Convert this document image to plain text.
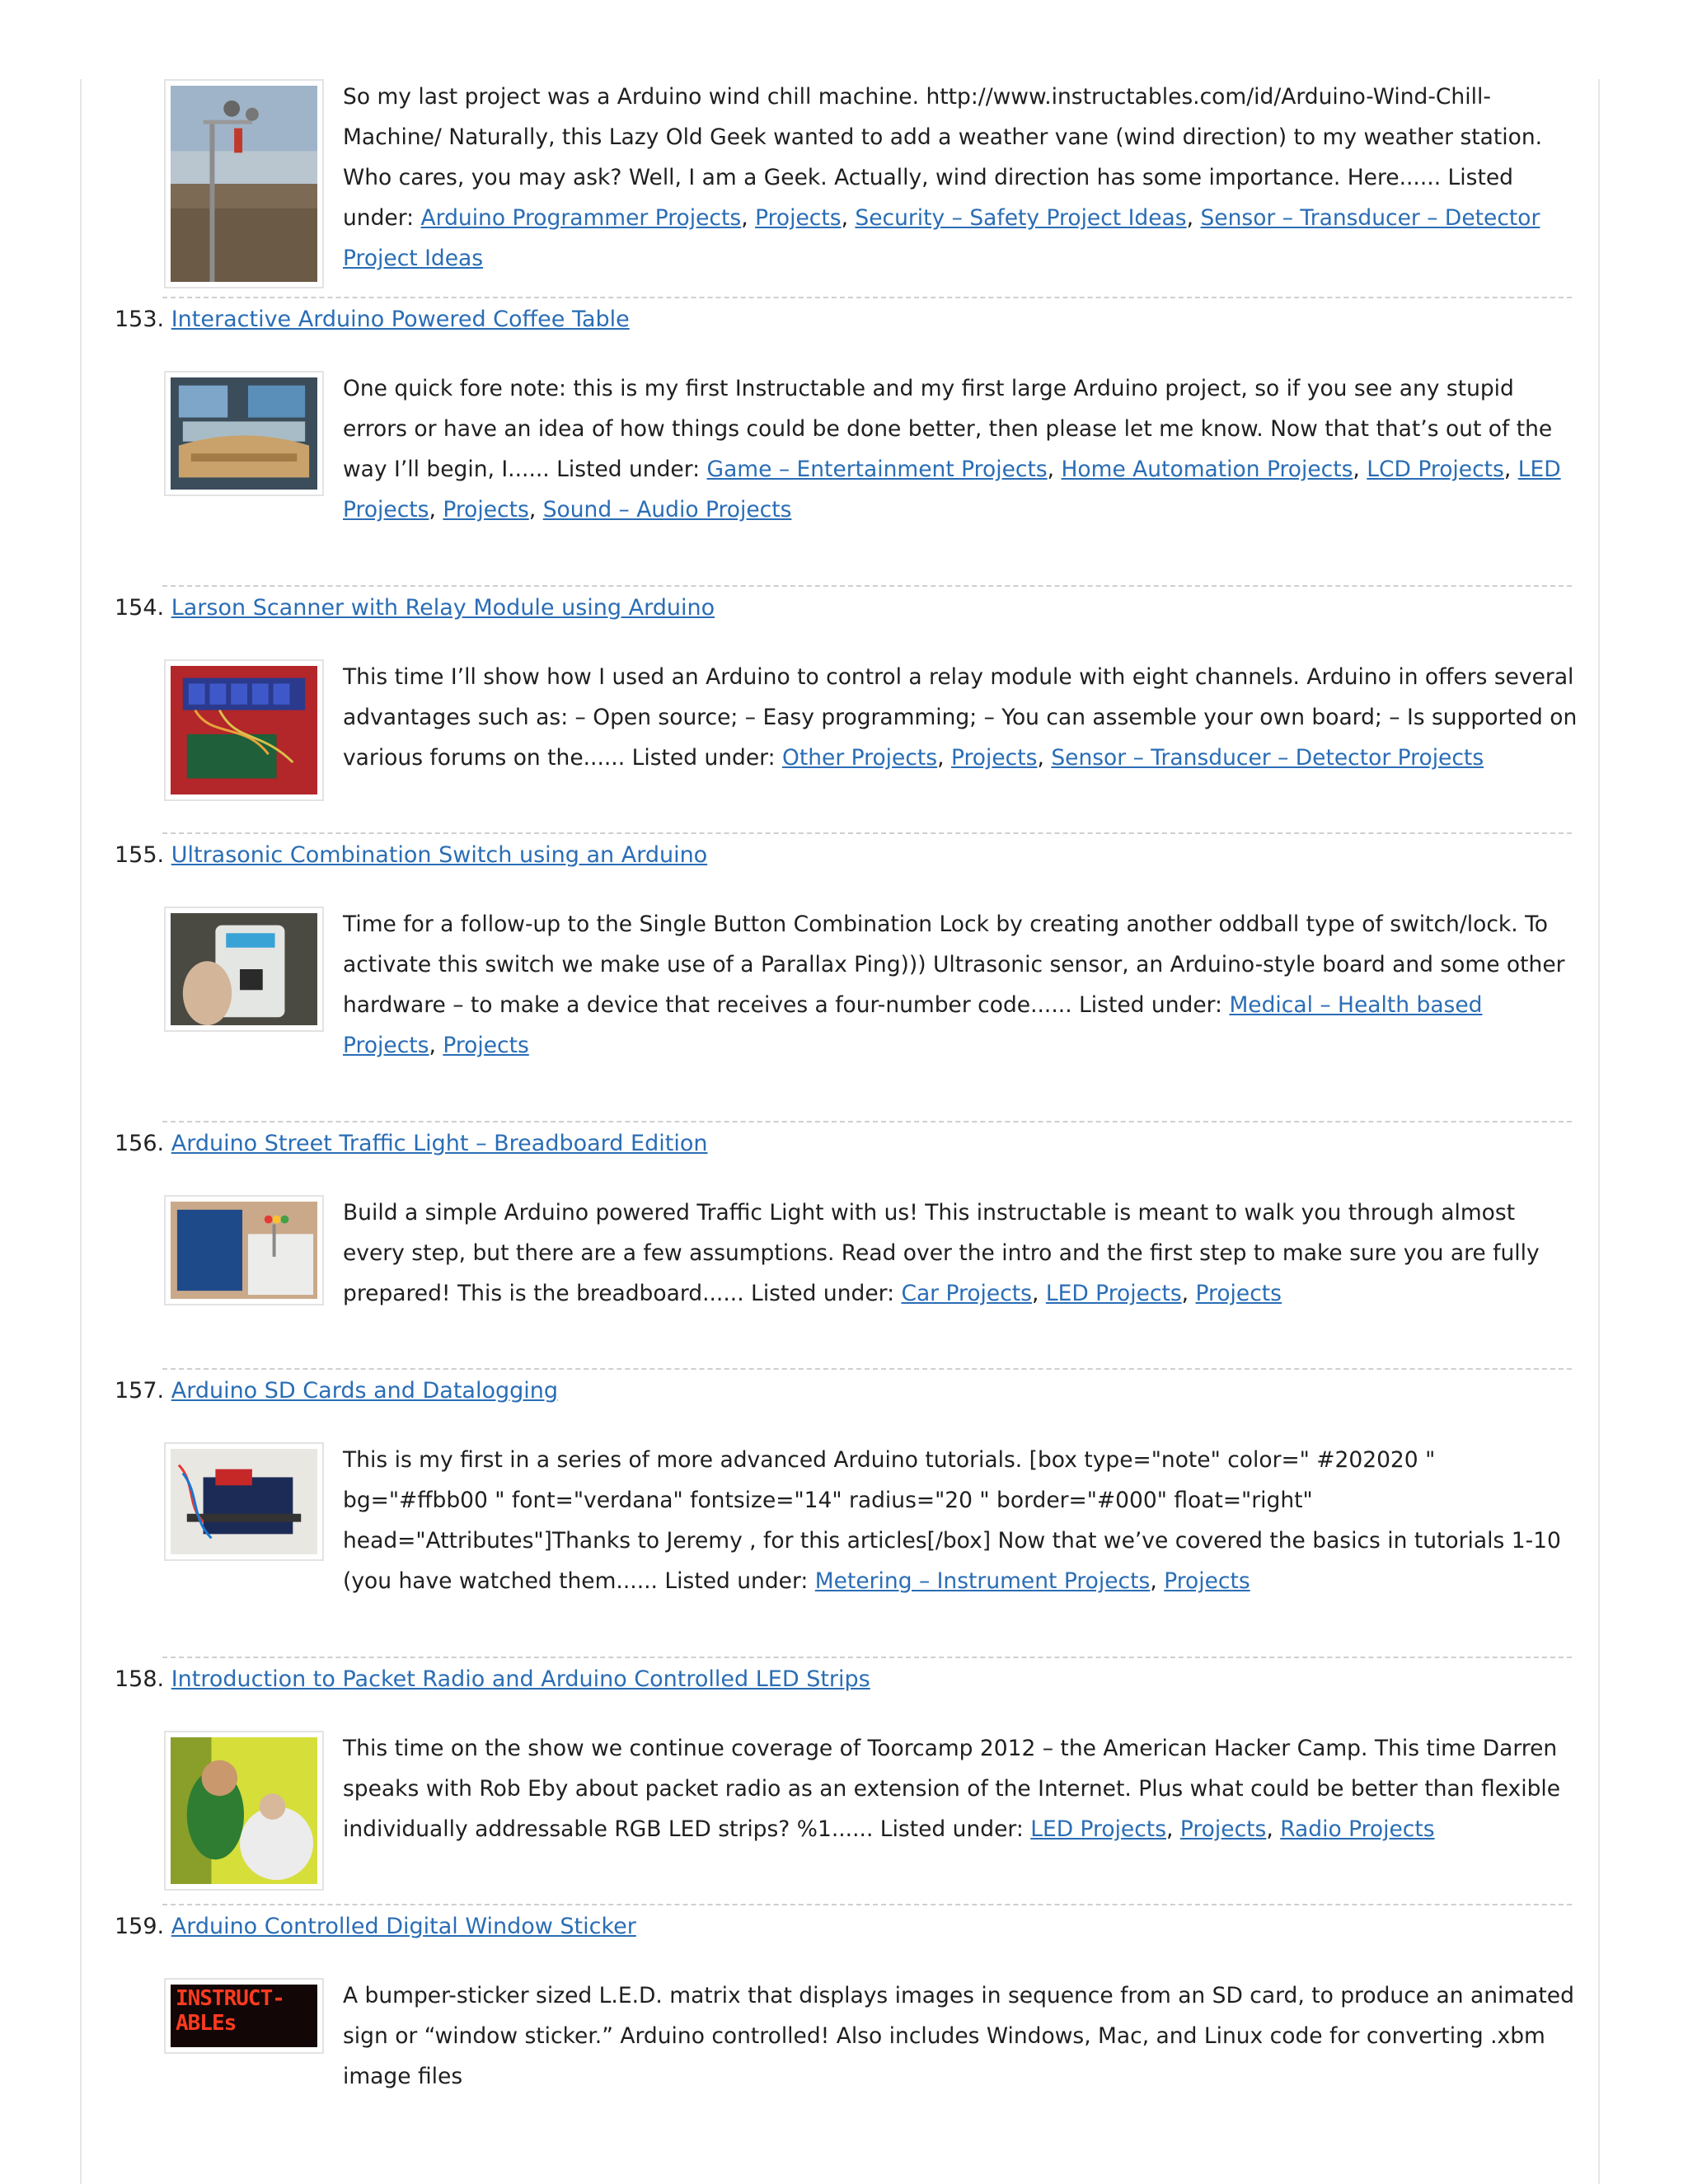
So my last project was a Arduino wind chill machine. http://www.instructables.com/id/Arduino-Wind-Chill-Machine/ Naturally, this Lazy Old Geek wanted to add a weather vane (wind direction) to my weather station. Who cares, you may ask? Well, I am a Geek. Actually, wind direction has some importance. Here...... Listed under: Arduino Programmer Projects, Projects, Security – Safety Project Ideas, Sensor – Transducer – Detector Project Ideas
153. Interactive Arduino Powered Coffee Table
One quick fore note: this is my first Instructable and my first large Arduino project, so if you see any stupid errors or have an idea of how things could be done better, then please let me know. Now that that’s out of the way I’ll begin, I...... Listed under: Game – Entertainment Projects, Home Automation Projects, LCD Projects, LED Projects, Projects, Sound – Audio Projects
154. Larson Scanner with Relay Module using Arduino
This time I’ll show how I used an Arduino to control a relay module with eight channels. Arduino in offers several advantages such as: – Open source; – Easy programming; – You can assemble your own board; – Is supported on various forums on the...... Listed under: Other Projects, Projects, Sensor – Transducer – Detector Projects
155. Ultrasonic Combination Switch using an Arduino
Time for a follow-up to the Single Button Combination Lock by creating another oddball type of switch/lock. To activate this switch we make use of a Parallax Ping))) Ultrasonic sensor, an Arduino-style board and some other hardware – to make a device that receives a four-number code...... Listed under: Medical – Health based Projects, Projects
156. Arduino Street Traffic Light – Breadboard Edition
Build a simple Arduino powered Traffic Light with us! This instructable is meant to walk you through almost every step, but there are a few assumptions. Read over the intro and the first step to make sure you are fully prepared! This is the breadboard...... Listed under: Car Projects, LED Projects, Projects
157. Arduino SD Cards and Datalogging
This is my first in a series of more advanced Arduino tutorials. [box type="note" color=" #202020 " bg="#ffbb00 " font="verdana" fontsize="14" radius="20 " border="#000" float="right" head="Attributes"]Thanks to Jeremy , for this articles[/box] Now that we’ve covered the basics in tutorials 1-10 (you have watched them...... Listed under: Metering – Instrument Projects, Projects
158. Introduction to Packet Radio and Arduino Controlled LED Strips
This time on the show we continue coverage of Toorcamp 2012 – the American Hacker Camp. This time Darren speaks with Rob Eby about packet radio as an extension of the Internet. Plus what could be better than flexible individually addressable RGB LED strips? %1...... Listed under: LED Projects, Projects, Radio Projects
159. Arduino Controlled Digital Window Sticker
INSTRUCT-
ABLEs
A bumper-sticker sized L.E.D. matrix that displays images in sequence from an SD card, to produce an animated sign or “window sticker.” Arduino controlled! Also includes Windows, Mac, and Linux code for converting .xbm image files
